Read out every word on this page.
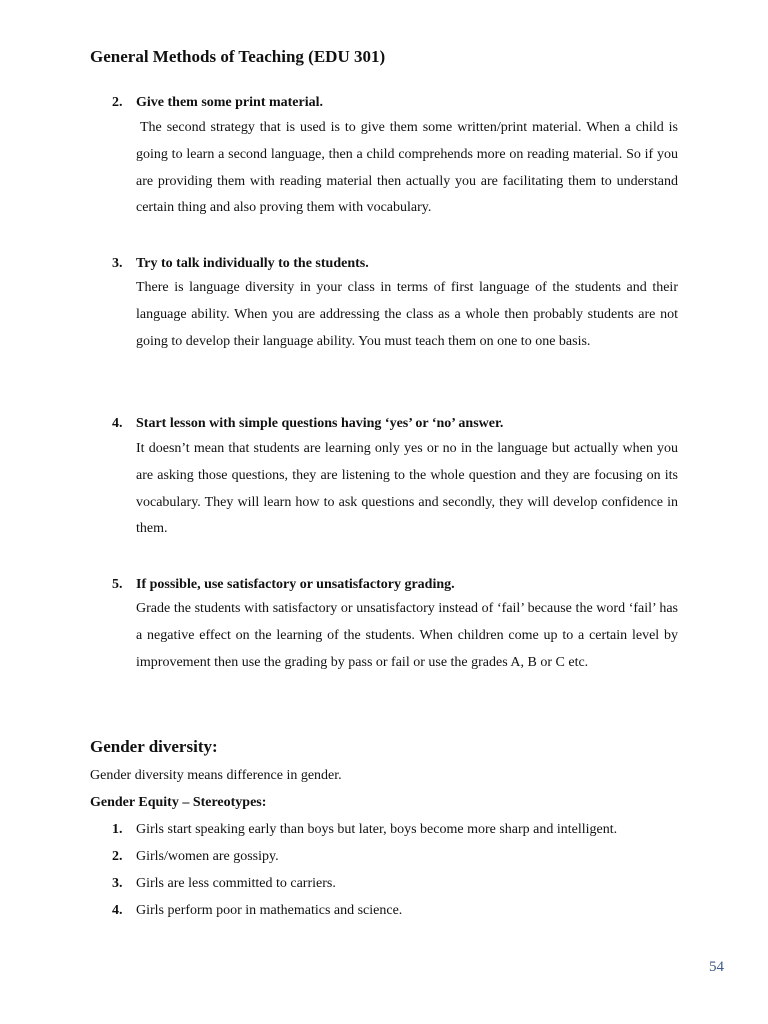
General Methods of Teaching (EDU 301)
2. Give them some print material.

The second strategy that is used is to give them some written/print material. When a child is going to learn a second language, then a child comprehends more on reading material. So if you are providing them with reading material then actually you are facilitating them to understand certain thing and also proving them with vocabulary.

3. Try to talk individually to the students.

There is language diversity in your class in terms of first language of the students and their language ability. When you are addressing the class as a whole then probably students are not going to develop their language ability. You must teach them on one to one basis.

4. Start lesson with simple questions having ‘yes’ or ‘no’ answer.

It doesn’t mean that students are learning only yes or no in the language but actually when you are asking those questions, they are listening to the whole question and they are focusing on its vocabulary. They will learn how to ask questions and secondly, they will develop confidence in them.

5. If possible, use satisfactory or unsatisfactory grading.

Grade the students with satisfactory or unsatisfactory instead of ‘fail’ because the word ‘fail’ has a negative effect on the learning of the students. When children come up to a certain level by improvement then use the grading by pass or fail or use the grades A, B or C etc.

Gender diversity:
Gender diversity means difference in gender.
Gender Equity – Stereotypes:
1. Girls start speaking early than boys but later, boys become more sharp and intelligent.
2. Girls/women are gossipy.
3. Girls are less committed to carriers.
4. Girls perform poor in mathematics and science.
54
